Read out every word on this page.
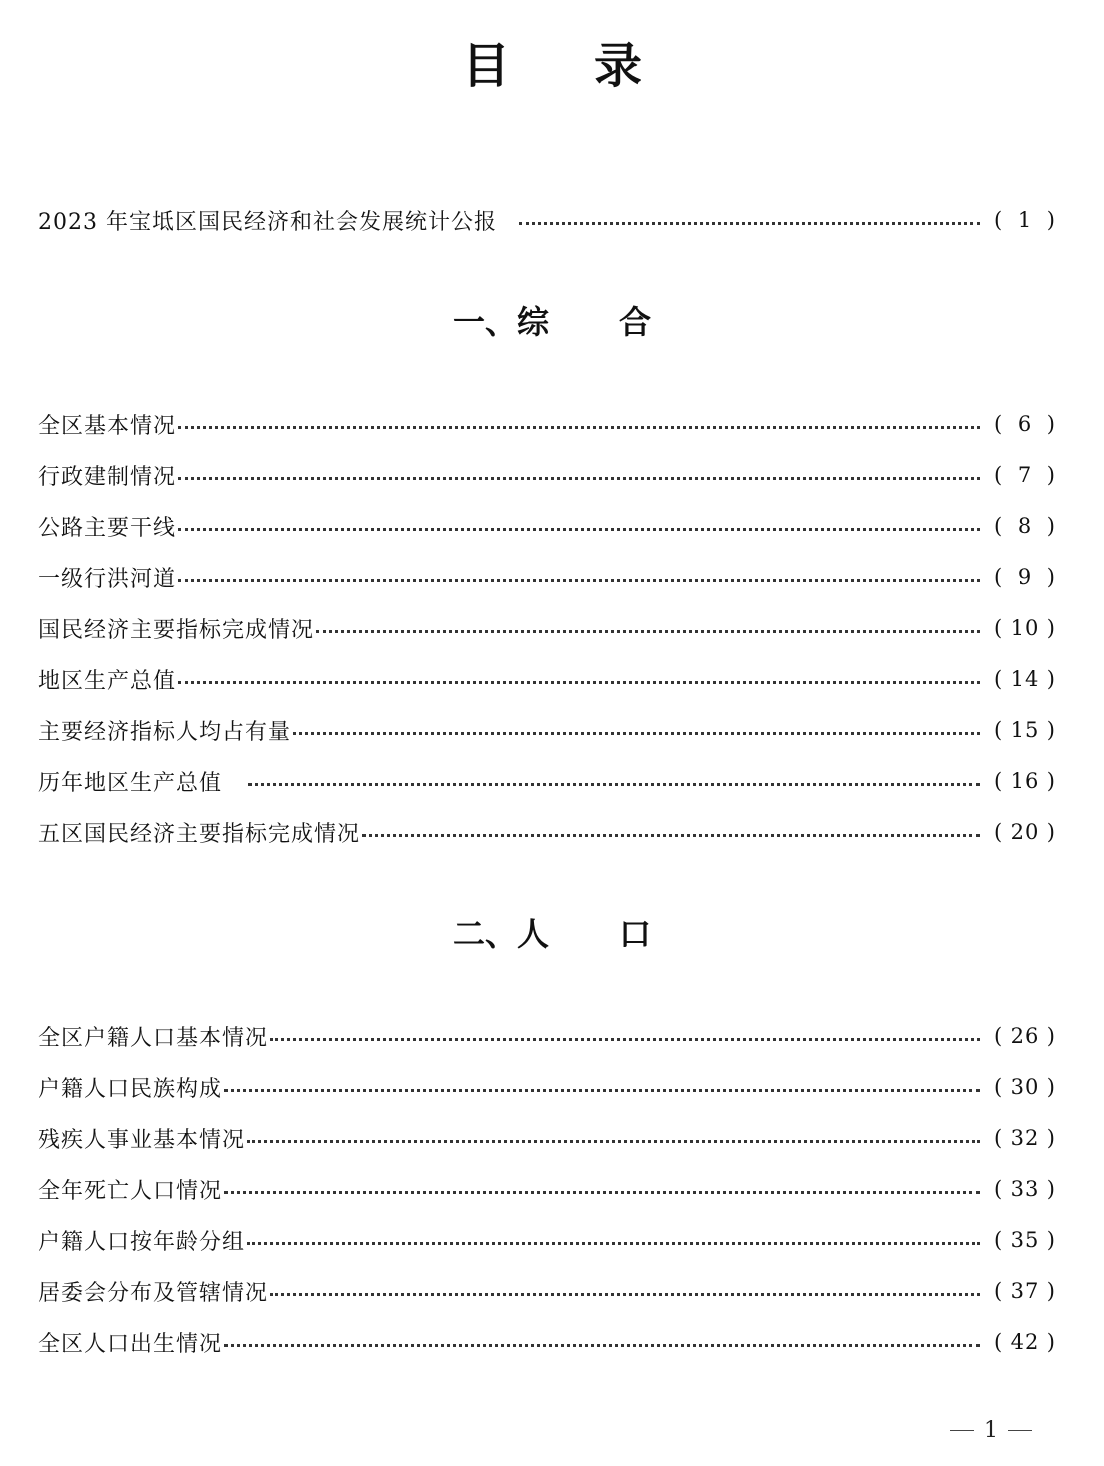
目 录
2023 年宝坻区国民经济和社会发展统计公报	( 1 )
一、综 合
全区基本情况	( 6 )
行政建制情况	( 7 )
公路主要干线	( 8 )
一级行洪河道	( 9 )
国民经济主要指标完成情况	( 10 )
地区生产总值	( 14 )
主要经济指标人均占有量	( 15 )
历年地区生产总值	( 16 )
五区国民经济主要指标完成情况	( 20 )
二、人 口
全区户籍人口基本情况	( 26 )
户籍人口民族构成	( 30 )
残疾人事业基本情况	( 32 )
全年死亡人口情况	( 33 )
户籍人口按年龄分组	( 35 )
居委会分布及管辖情况	( 37 )
全区人口出生情况	( 42 )
1
